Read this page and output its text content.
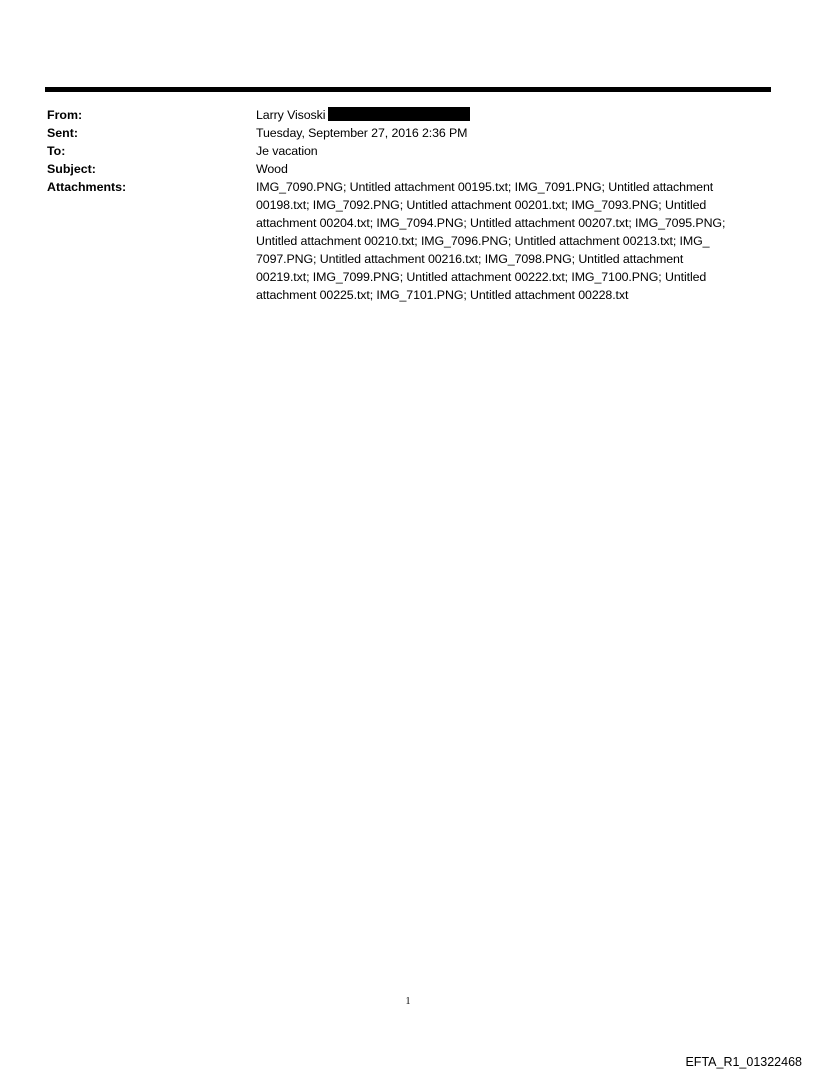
From:	Larry Visoski
Sent:	Tuesday, September 27, 2016 2:36 PM
To:	Je vacation
Subject:	Wood
Attachments:	IMG_7090.PNG; Untitled attachment 00195.txt; IMG_7091.PNG; Untitled attachment
00198.txt; IMG_7092.PNG; Untitled attachment 00201.txt; IMG_7093.PNG; Untitled
attachment 00204.txt; IMG_7094.PNG; Untitled attachment 00207.txt; IMG_7095.PNG;
Untitled attachment 00210.txt; IMG_7096.PNG; Untitled attachment 00213.txt; IMG_
7097.PNG; Untitled attachment 00216.txt; IMG_7098.PNG; Untitled attachment
00219.txt; IMG_7099.PNG; Untitled attachment 00222.txt; IMG_7100.PNG; Untitled
attachment 00225.txt; IMG_7101.PNG; Untitled attachment 00228.txt
1
EFTA_R1_01322468
